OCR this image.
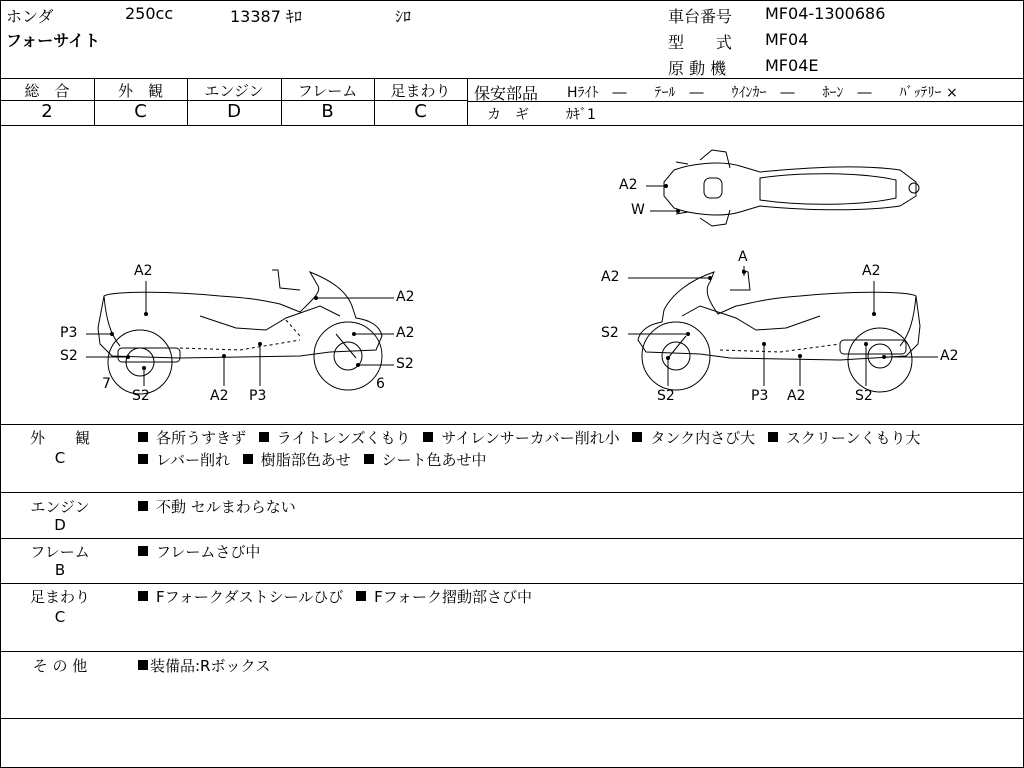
ホンダ	250cc	13387 ｷﾛ	ｼﾛ
フォーサイト
車台番号 MF04-1300686
型　　式 MF04
原 動 機 MF04E
総　合	外　観	エンジン	フレーム	足まわり
2	C	D	B	C
保安部品 Hﾗｲﾄ　―　　ﾃｰﾙ　―　　ｳｲﾝｶｰ　―　　ﾎｰﾝ　―　　ﾊﾞｯﾃﾘｰ ×
カ　ギ	ｶｷﾞ1
A2
A2
A2
P3
S2	S2
7	6
S2	A2 P3
A
A2	A2
S2
A2
S2	P3 A2	S2
A2
W
外　　観
C
各所うすきず ライトレンズくもり サイレンサーカバー削れ小 タンク内さび大 スクリーンくもり大
レバー削れ 樹脂部色あせ シート色あせ中
エンジン
D
不動 セルまわらない
フレーム
B
フレームさび中
足まわり
C
Fフォークダストシールひび Fフォーク摺動部さび中
そ の 他	装備品:Rボックス
